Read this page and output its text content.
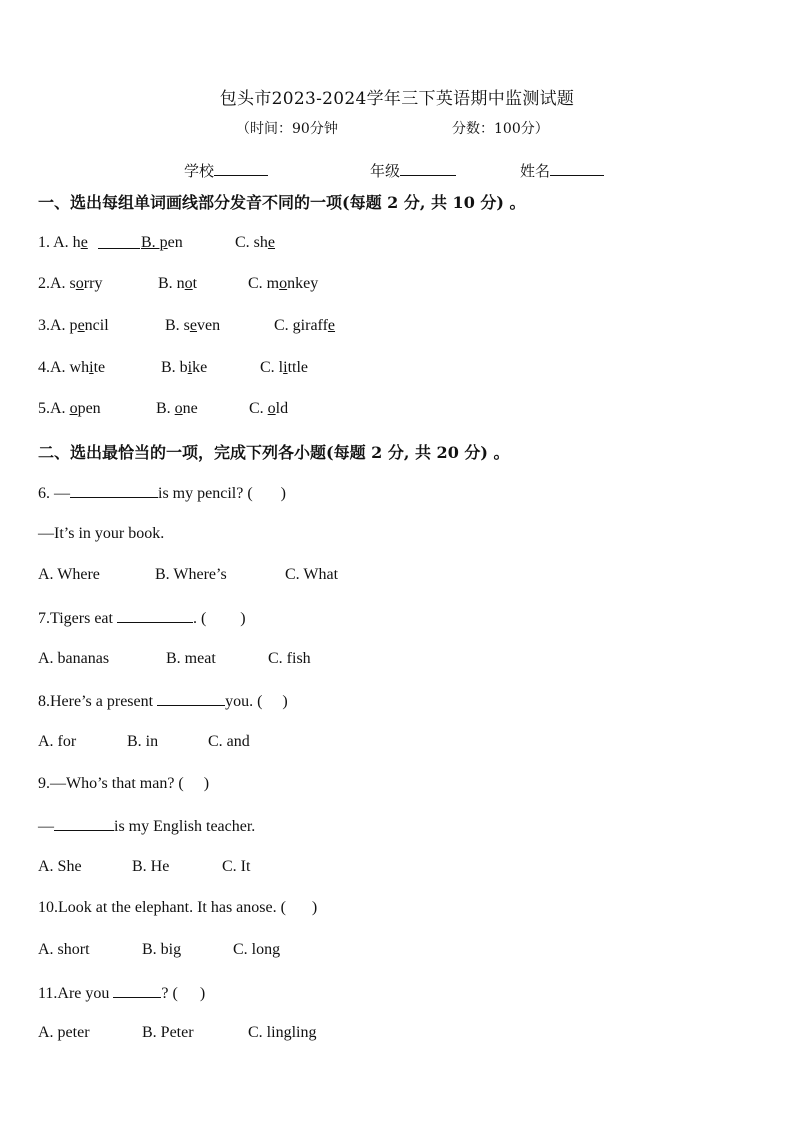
包头市2023-2024学年三下英语期中监测试题
（时间：90分钟	分数：100分）
学校	年级	姓名
一、选出每组单词画线部分发音不同的一项(每题 2 分, 共 10 分) 。
1. A. he	B. pen	C. she
2.A. sorry	B. not	C. monkey
3.A. pencil	B. seven	C. giraffe
4.A. white	B. bike	C. little
5.A. open	B. one	C. old
二、选出最恰当的一项，完成下列各小题(每题 2 分, 共 20 分) 。
6. —	is my pencil? ( )
—It’s in your book.
A. Where	B. Where’s	C. What
7.Tigers eat	. ( )
A. bananas	B. meat	C. fish
8.Here’s a present	you. ( )
A. for	B. in	C. and
9.—Who’s that man? ( )
—	is my English teacher.
A. She	B. He	C. It
10.Look at the elephant. It has anose. ( )
A. short	B. big	C. long
11.Are you	? ( )
A. peter	B. Peter	C. lingling
